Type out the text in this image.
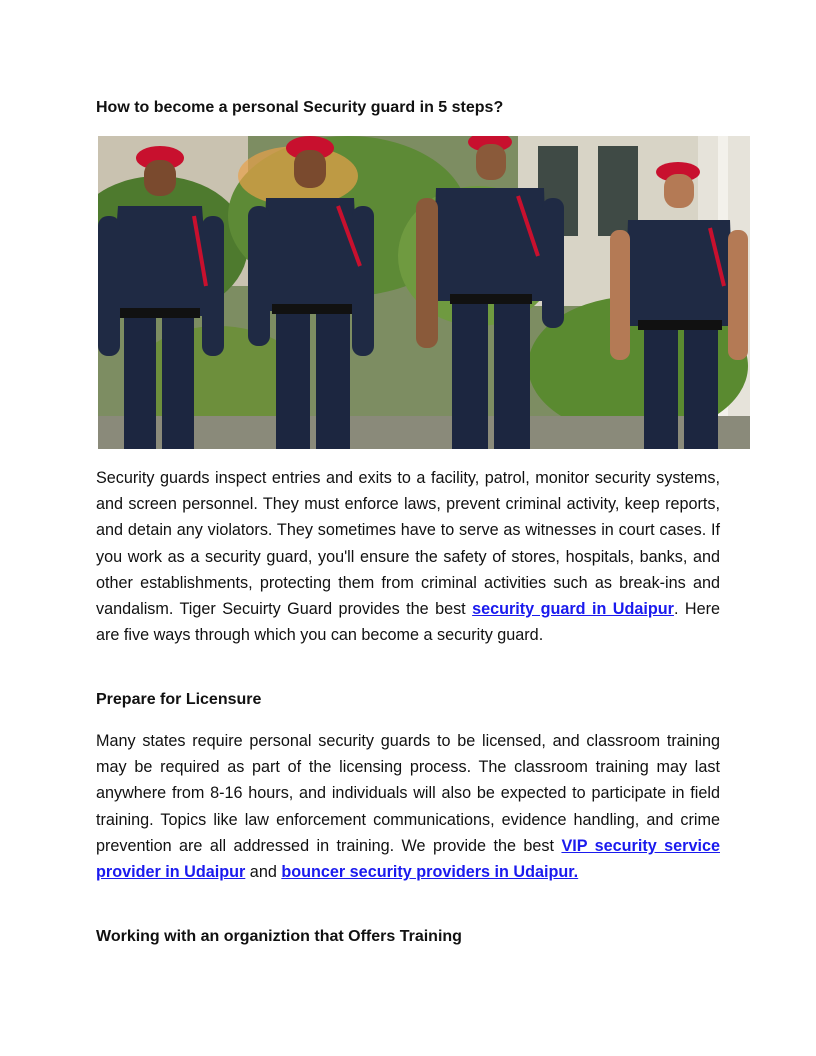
How to become a personal Security guard in 5 steps?

Security guards inspect entries and exits to a facility, patrol, monitor security systems, and screen personnel. They must enforce laws, prevent criminal activity, keep reports, and detain any violators. They sometimes have to serve as witnesses in court cases. If you work as a security guard, you'll ensure the safety of stores, hospitals, banks, and other establishments, protecting them from criminal activities such as break-ins and vandalism. Tiger Secuirty Guard provides the best security guard in Udaipur. Here are five ways through which you can become a security guard.

Prepare for Licensure

Many states require personal security guards to be licensed, and classroom training may be required as part of the licensing process. The classroom training may last anywhere from 8-16 hours, and individuals will also be expected to participate in field training. Topics like law enforcement communications, evidence handling, and crime prevention are all addressed in training. We provide the best VIP security service provider in Udaipur and bouncer security providers in Udaipur.

Working with an organiztion that Offers Training
